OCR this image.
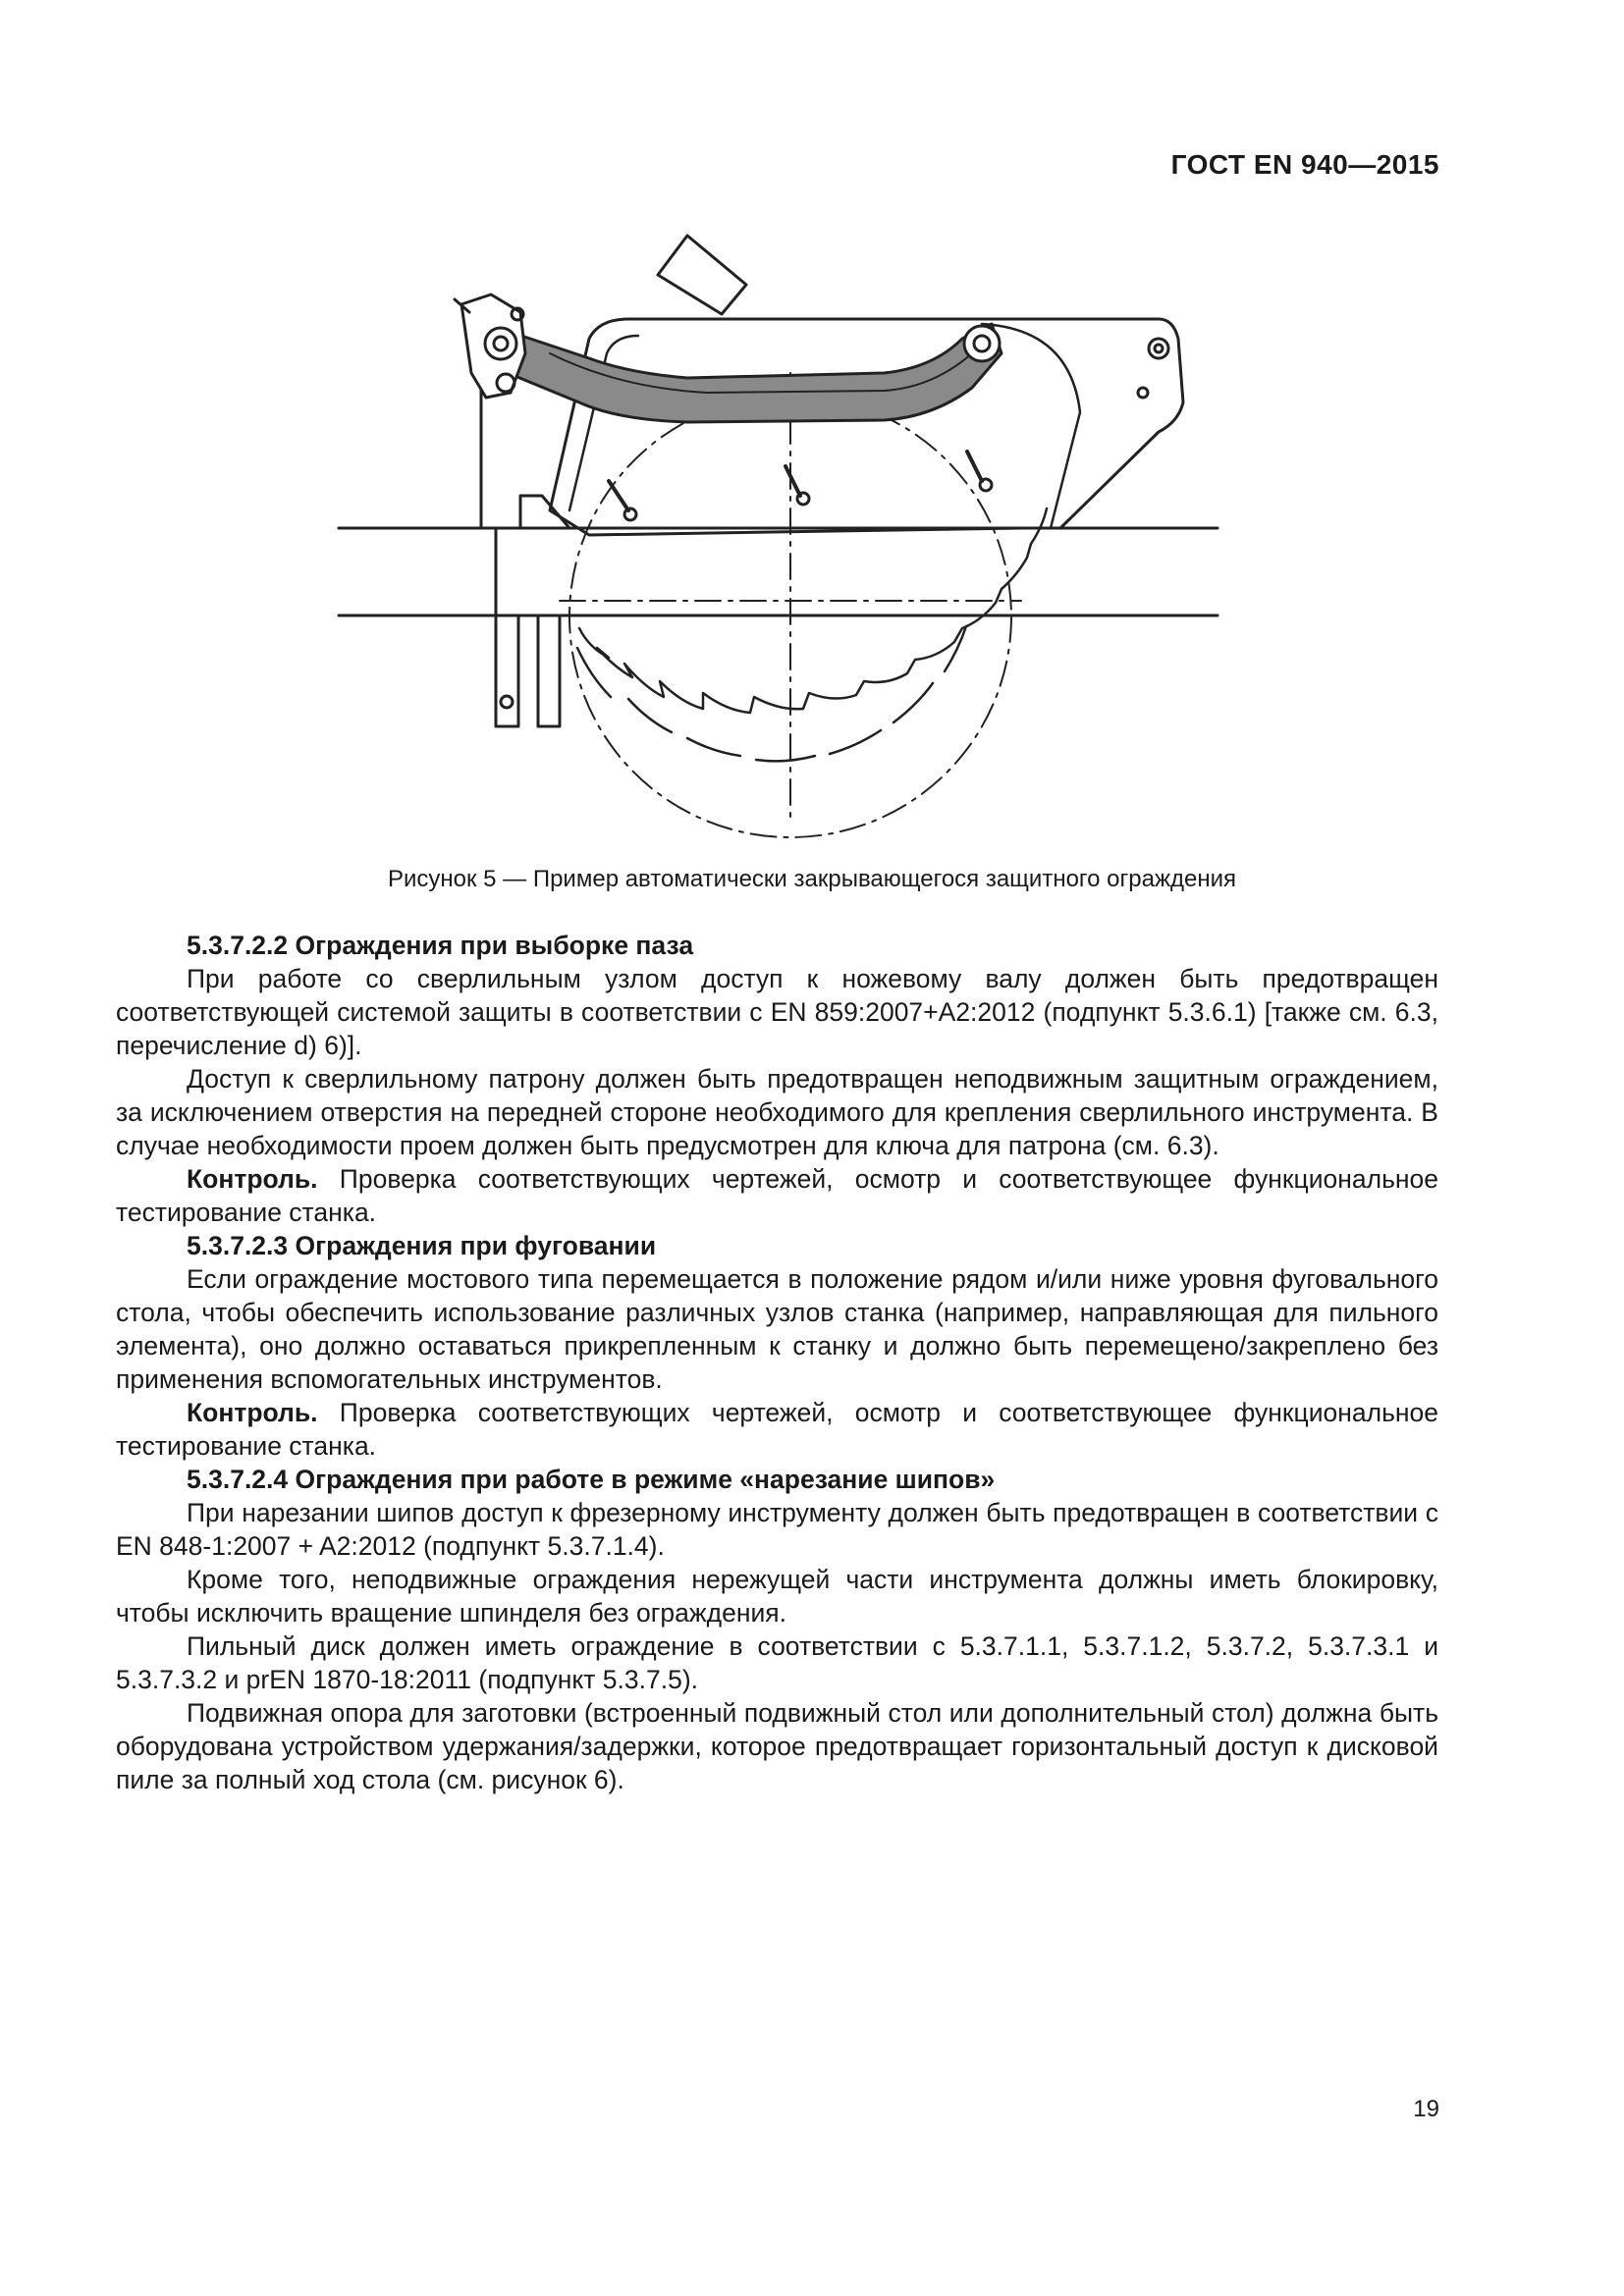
ГОСТ EN 940—2015
Рисунок 5 — Пример автоматически закрывающегося защитного ограждения
5.3.7.2.2 Ограждения при выборке паза

При работе со сверлильным узлом доступ к ножевому валу должен быть предотвращен соответствующей системой защиты в соответствии с EN 859:2007+A2:2012 (подпункт 5.3.6.1) [также см. 6.3, перечисление d) 6)].

Доступ к сверлильному патрону должен быть предотвращен неподвижным защитным ограждением, за исключением отверстия на передней стороне необходимого для крепления сверлильного инструмента. В случае необходимости проем должен быть предусмотрен для ключа для патрона (см. 6.3).

Контроль. Проверка соответствующих чертежей, осмотр и соответствующее функциональное тестирование станка.

5.3.7.2.3 Ограждения при фуговании

Если ограждение мостового типа перемещается в положение рядом и/или ниже уровня фуговального стола, чтобы обеспечить использование различных узлов станка (например, направляющая для пильного элемента), оно должно оставаться прикрепленным к станку и должно быть перемещено/закреплено без применения вспомогательных инструментов.

Контроль. Проверка соответствующих чертежей, осмотр и соответствующее функциональное тестирование станка.

5.3.7.2.4 Ограждения при работе в режиме «нарезание шипов»

При нарезании шипов доступ к фрезерному инструменту должен быть предотвращен в соответствии с EN 848-1:2007 + A2:2012 (подпункт 5.3.7.1.4).

Кроме того, неподвижные ограждения нережущей части инструмента должны иметь блокировку, чтобы исключить вращение шпинделя без ограждения.

Пильный диск должен иметь ограждение в соответствии с 5.3.7.1.1, 5.3.7.1.2, 5.3.7.2, 5.3.7.3.1 и 5.3.7.3.2 и prEN 1870-18:2011 (подпункт 5.3.7.5).

Подвижная опора для заготовки (встроенный подвижный стол или дополнительный стол) должна быть оборудована устройством удержания/задержки, которое предотвращает горизонтальный доступ к дисковой пиле за полный ход стола (см. рисунок 6).

19
